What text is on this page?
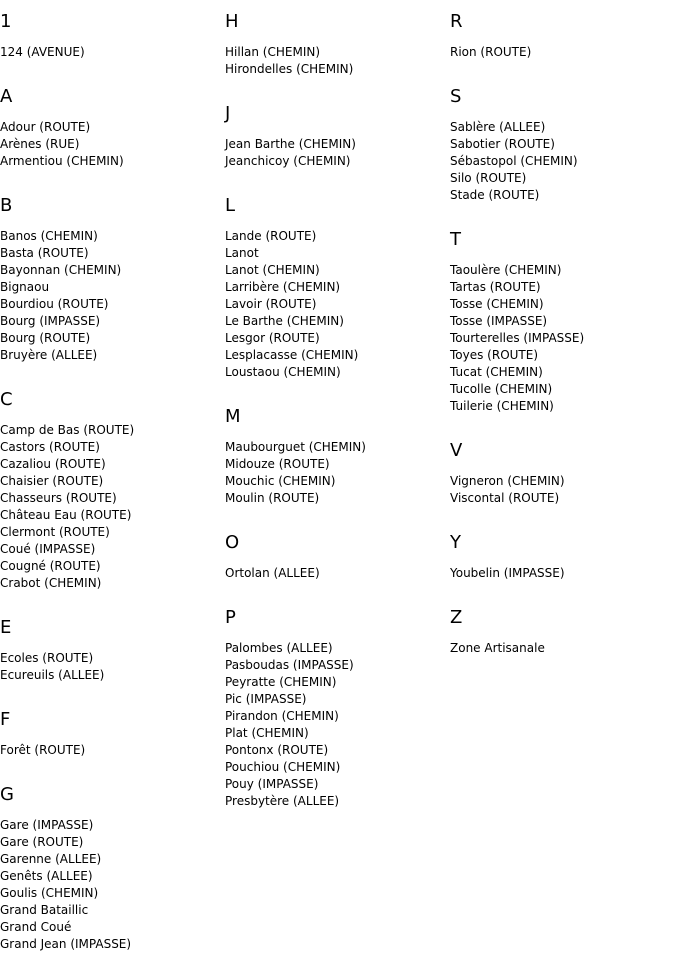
1
124 (AVENUE)
A
Adour (ROUTE)
Arènes (RUE)
Armentiou (CHEMIN)
B
Banos (CHEMIN)
Basta (ROUTE)
Bayonnan (CHEMIN)
Bignaou
Bourdiou (ROUTE)
Bourg (IMPASSE)
Bourg (ROUTE)
Bruyère (ALLEE)
C
Camp de Bas (ROUTE)
Castors (ROUTE)
Cazaliou (ROUTE)
Chaisier (ROUTE)
Chasseurs (ROUTE)
Château Eau (ROUTE)
Clermont (ROUTE)
Coué (IMPASSE)
Cougné (ROUTE)
Crabot (CHEMIN)
E
Ecoles (ROUTE)
Ecureuils (ALLEE)
F
Forêt (ROUTE)
G
Gare (IMPASSE)
Gare (ROUTE)
Garenne (ALLEE)
Genêts (ALLEE)
Goulis (CHEMIN)
Grand Bataillic
Grand Coué
Grand Jean (IMPASSE)
H
Hillan (CHEMIN)
Hirondelles (CHEMIN)
J
Jean Barthe (CHEMIN)
Jeanchicoy (CHEMIN)
L
Lande (ROUTE)
Lanot
Lanot (CHEMIN)
Larribère (CHEMIN)
Lavoir (ROUTE)
Le Barthe (CHEMIN)
Lesgor (ROUTE)
Lesplacasse (CHEMIN)
Loustaou (CHEMIN)
M
Maubourguet (CHEMIN)
Midouze (ROUTE)
Mouchic (CHEMIN)
Moulin (ROUTE)
O
Ortolan (ALLEE)
P
Palombes (ALLEE)
Pasboudas (IMPASSE)
Peyratte (CHEMIN)
Pic (IMPASSE)
Pirandon (CHEMIN)
Plat (CHEMIN)
Pontonx (ROUTE)
Pouchiou (CHEMIN)
Pouy (IMPASSE)
Presbytère (ALLEE)
R
Rion (ROUTE)
S
Sablère (ALLEE)
Sabotier (ROUTE)
Sébastopol (CHEMIN)
Silo (ROUTE)
Stade (ROUTE)
T
Taoulère (CHEMIN)
Tartas (ROUTE)
Tosse (CHEMIN)
Tosse (IMPASSE)
Tourterelles (IMPASSE)
Toyes (ROUTE)
Tucat (CHEMIN)
Tucolle (CHEMIN)
Tuilerie (CHEMIN)
V
Vigneron (CHEMIN)
Viscontal (ROUTE)
Y
Youbelin (IMPASSE)
Z
Zone Artisanale
